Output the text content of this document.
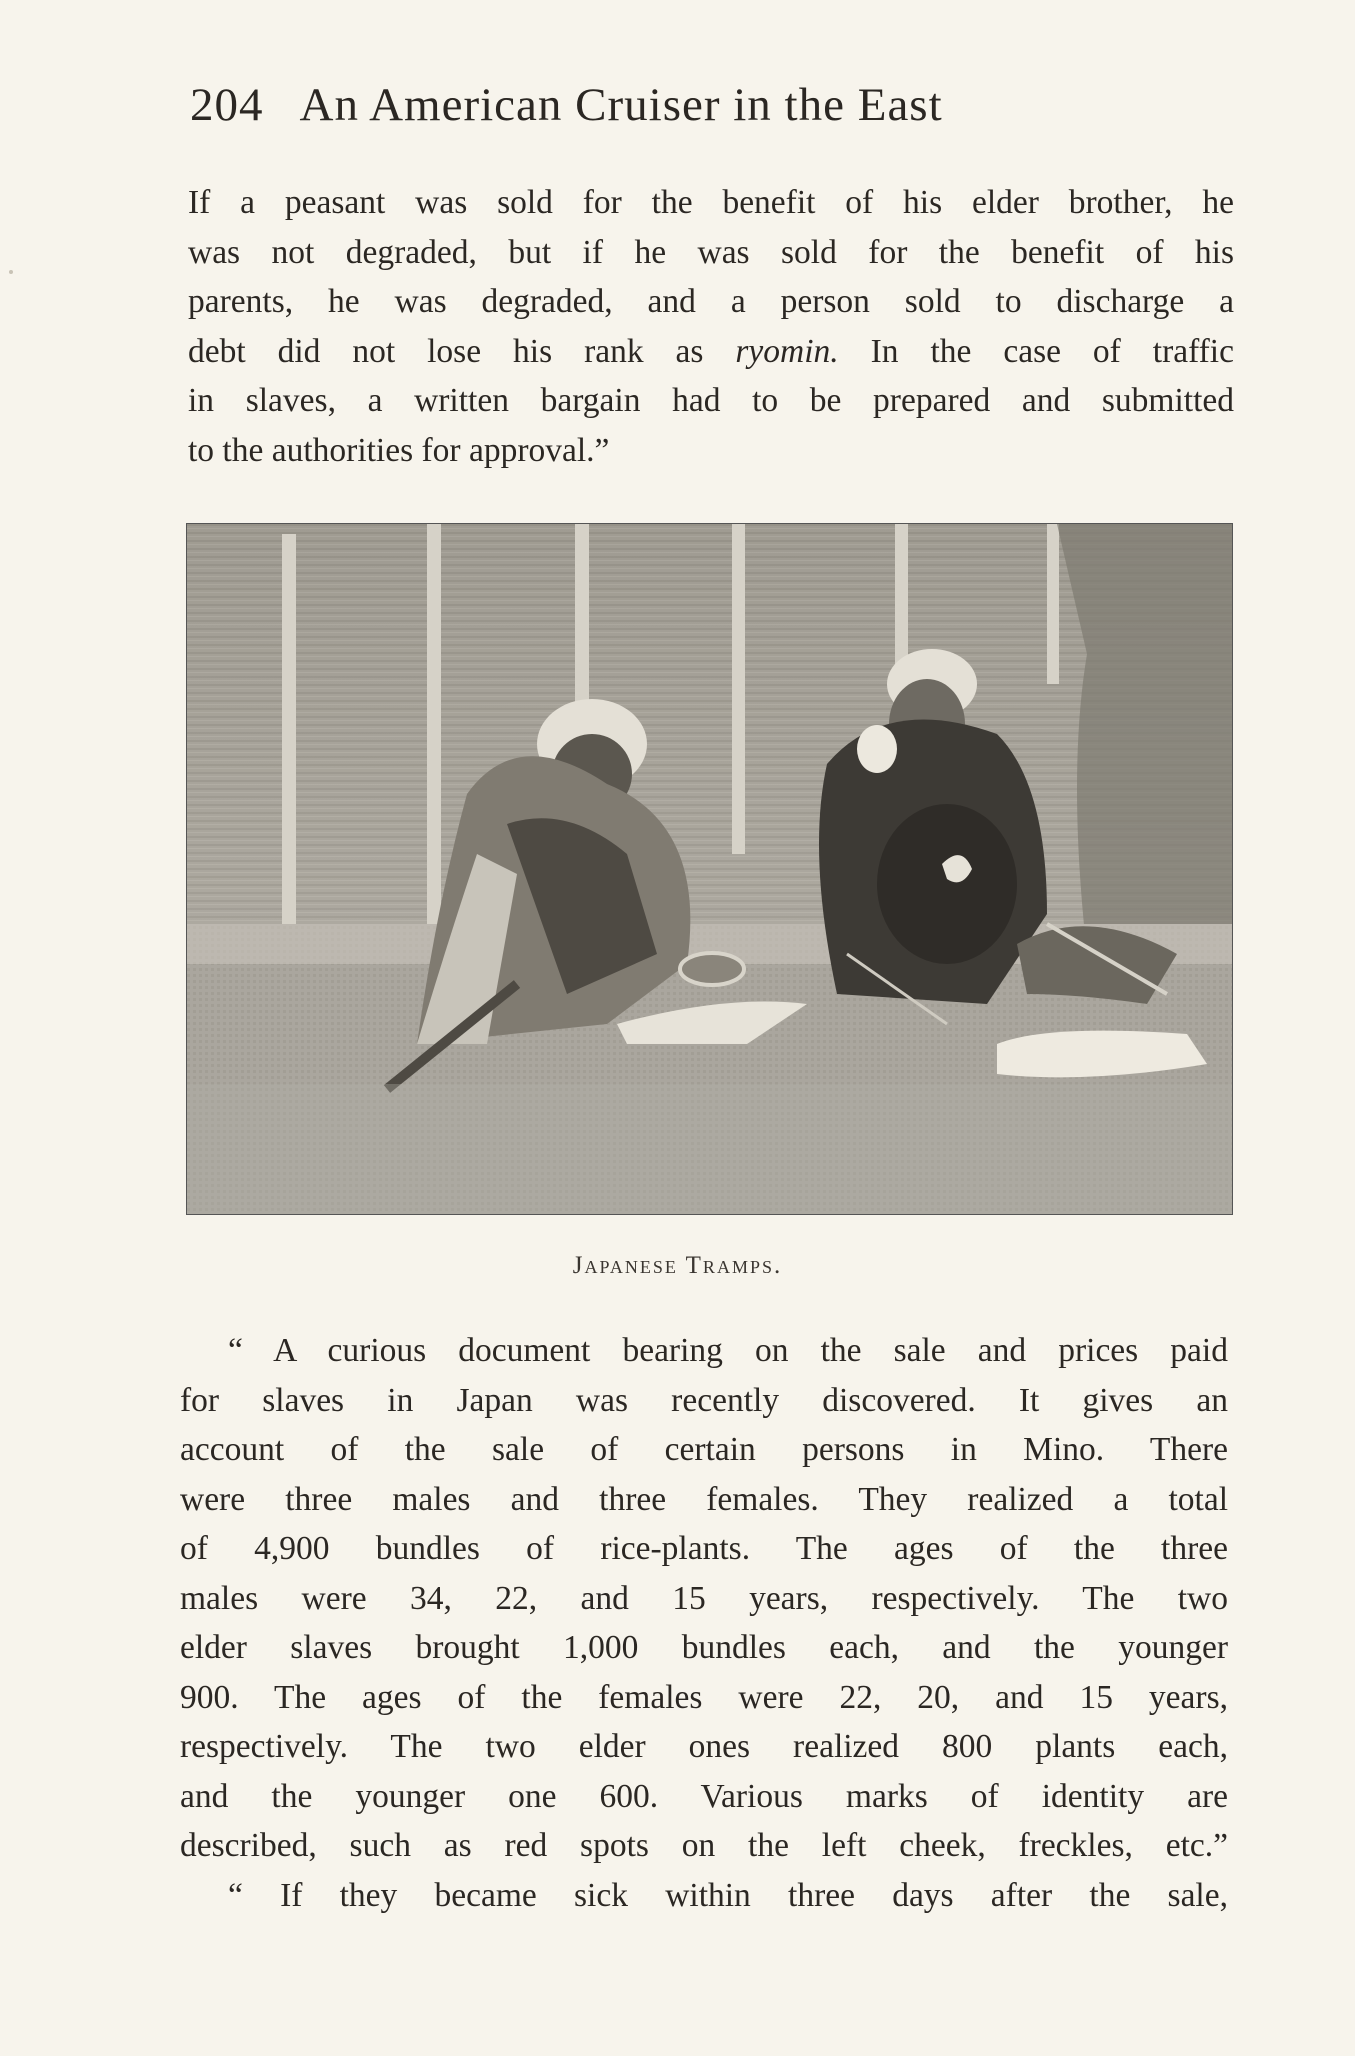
204 An American Cruiser in the East
If a peasant was sold for the benefit of his elder brother, he
was not degraded, but if he was sold for the benefit of his
parents, he was degraded, and a person sold to discharge a
debt did not lose his rank as ryomin. In the case of traffic
in slaves, a written bargain had to be prepared and submitted
to the authorities for approval.”
Japanese Tramps.
“ A curious document bearing on the sale and prices paid
for slaves in Japan was recently discovered. It gives an
account of the sale of certain persons in Mino. There
were three males and three females. They realized a total
of 4,900 bundles of rice-plants. The ages of the three
males were 34, 22, and 15 years, respectively. The two
elder slaves brought 1,000 bundles each, and the younger
900. The ages of the females were 22, 20, and 15 years,
respectively. The two elder ones realized 800 plants each,
and the younger one 600. Various marks of identity are
described, such as red spots on the left cheek, freckles, etc.”
“ If they became sick within three days after the sale,
